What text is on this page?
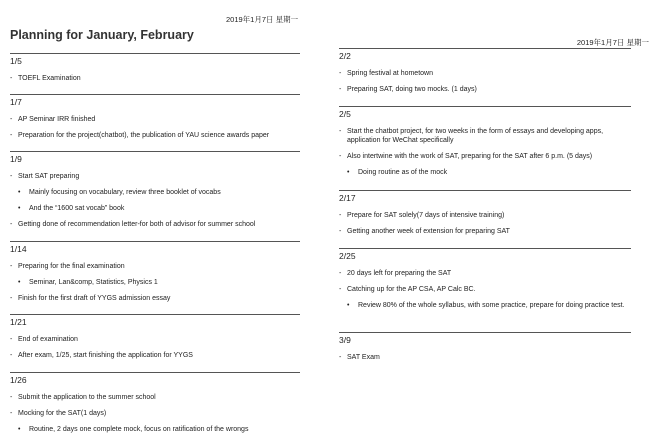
2019年1月7日 星期一
Planning for January, February
2019年1月7日 星期一
1/5
- TOEFL Examination
1/7
- AP Seminar IRR finished
- Preparation for the project(chatbot), the publication of YAU science awards paper
1/9
- Start SAT preparing
• Mainly focusing on vocabulary, review three booklet of vocabs
• And the “1600 sat vocab” book
- Getting done of recommendation letter-for both of advisor for summer school
1/14
- Preparing for the final examination
• Seminar, Lan&comp, Statistics, Physics 1
- Finish for the first draft of YYGS admission essay
1/21
- End of examination
- After exam, 1/25, start finishing the application for YYGS
1/26
- Submit the application to the summer school
- Mocking for the SAT(1 days)
• Routine, 2 days one complete mock, focus on ratification of the wrongs
2/2
- Spring festival at hometown
- Preparing SAT, doing two mocks. (1 days)
2/5
- Start the chatbot project, for two weeks in the form of essays and developing apps, application for WeChat specifically
- Also intertwine with the work of SAT, preparing for the SAT after 6 p.m. (5 days)
• Doing routine as of the mock
2/17
- Prepare for SAT solely(7 days of intensive training)
- Getting another week of extension for preparing SAT
2/25
- 20 days left for preparing the SAT
- Catching up for the AP CSA, AP Calc BC.
• Review 80% of the whole syllabus, with some practice, prepare for doing practice test.
3/9
- SAT Exam
